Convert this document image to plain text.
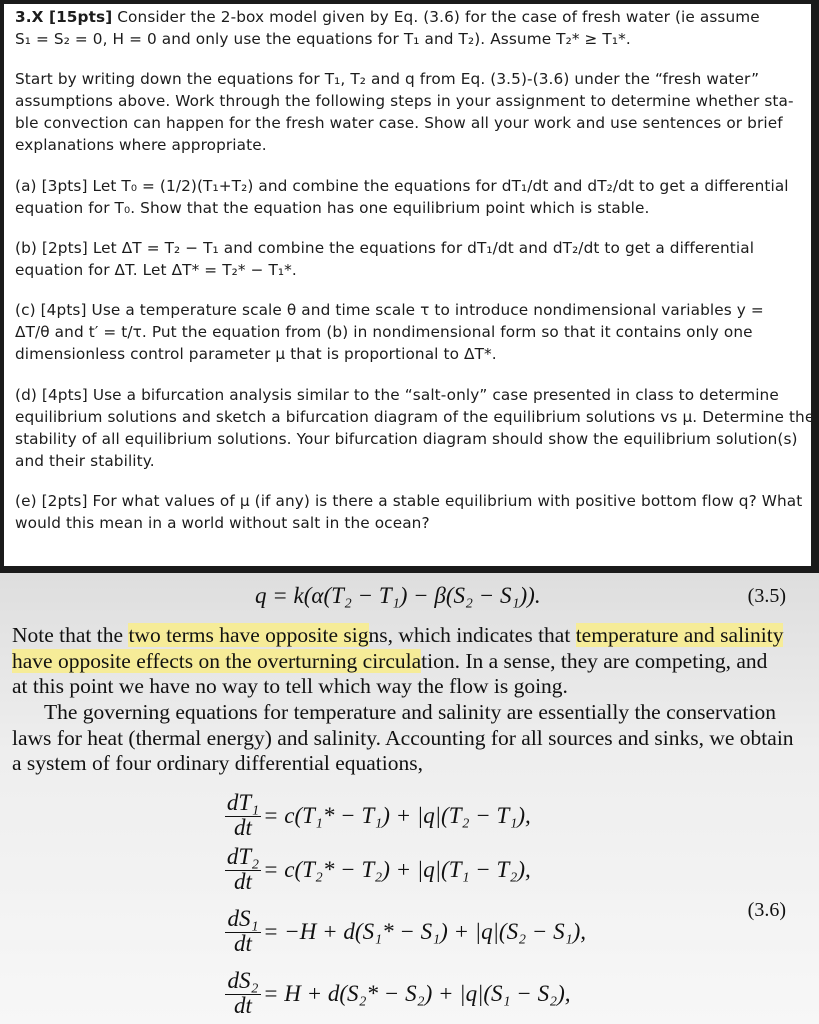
3.X [15pts] Consider the 2-box model given by Eq. (3.6) for the case of fresh water (ie assume
S₁ = S₂ = 0, H = 0 and only use the equations for T₁ and T₂). Assume T₂* ≥ T₁*.
Start by writing down the equations for T₁, T₂ and q from Eq. (3.5)-(3.6) under the “fresh water”
assumptions above. Work through the following steps in your assignment to determine whether sta-
ble convection can happen for the fresh water case. Show all your work and use sentences or brief
explanations where appropriate.
(a) [3pts] Let T₀ = (1/2)(T₁+T₂) and combine the equations for dT₁/dt and dT₂/dt to get a differential
equation for T₀. Show that the equation has one equilibrium point which is stable.
(b) [2pts] Let ΔT = T₂ − T₁ and combine the equations for dT₁/dt and dT₂/dt to get a differential
equation for ΔT. Let ΔT* = T₂* − T₁*.
(c) [4pts] Use a temperature scale θ and time scale τ to introduce nondimensional variables y =
ΔT/θ and t′ = t/τ. Put the equation from (b) in nondimensional form so that it contains only one
dimensionless control parameter μ that is proportional to ΔT*.
(d) [4pts] Use a bifurcation analysis similar to the “salt-only” case presented in class to determine
equilibrium solutions and sketch a bifurcation diagram of the equilibrium solutions vs μ. Determine the
stability of all equilibrium solutions. Your bifurcation diagram should show the equilibrium solution(s)
and their stability.
(e) [2pts] For what values of μ (if any) is there a stable equilibrium with positive bottom flow q? What
would this mean in a world without salt in the ocean?
q = k(α(T₂ − T₁) − β(S₂ − S₁)).	(3.5)
Note that the two terms have opposite signs, which indicates that temperature and salinity
have opposite effects on the overturning circulation. In a sense, they are competing, and
at this point we have no way to tell which way the flow is going.
The governing equations for temperature and salinity are essentially the conservation
laws for heat (thermal energy) and salinity. Accounting for all sources and sinks, we obtain
a system of four ordinary differential equations,
$\frac{\text{dT₁}}{dt} = c(T_1* - T_1) + |q|(T_2 - T_1)$,
$\frac{\text{dT₂}}{dt} = c(T_2* - T_2) + |q|(T_1 - T_2)$,
(3.6)
$\frac{\text{dS₁}}{dt} = -H + d(S_1* - S_1) + |q|(S_2 - S_1)$,
$\frac{\text{dS₂}}{dt} = H + d(S_2* - S_2) + |q|(S_1 - S_2)$,
